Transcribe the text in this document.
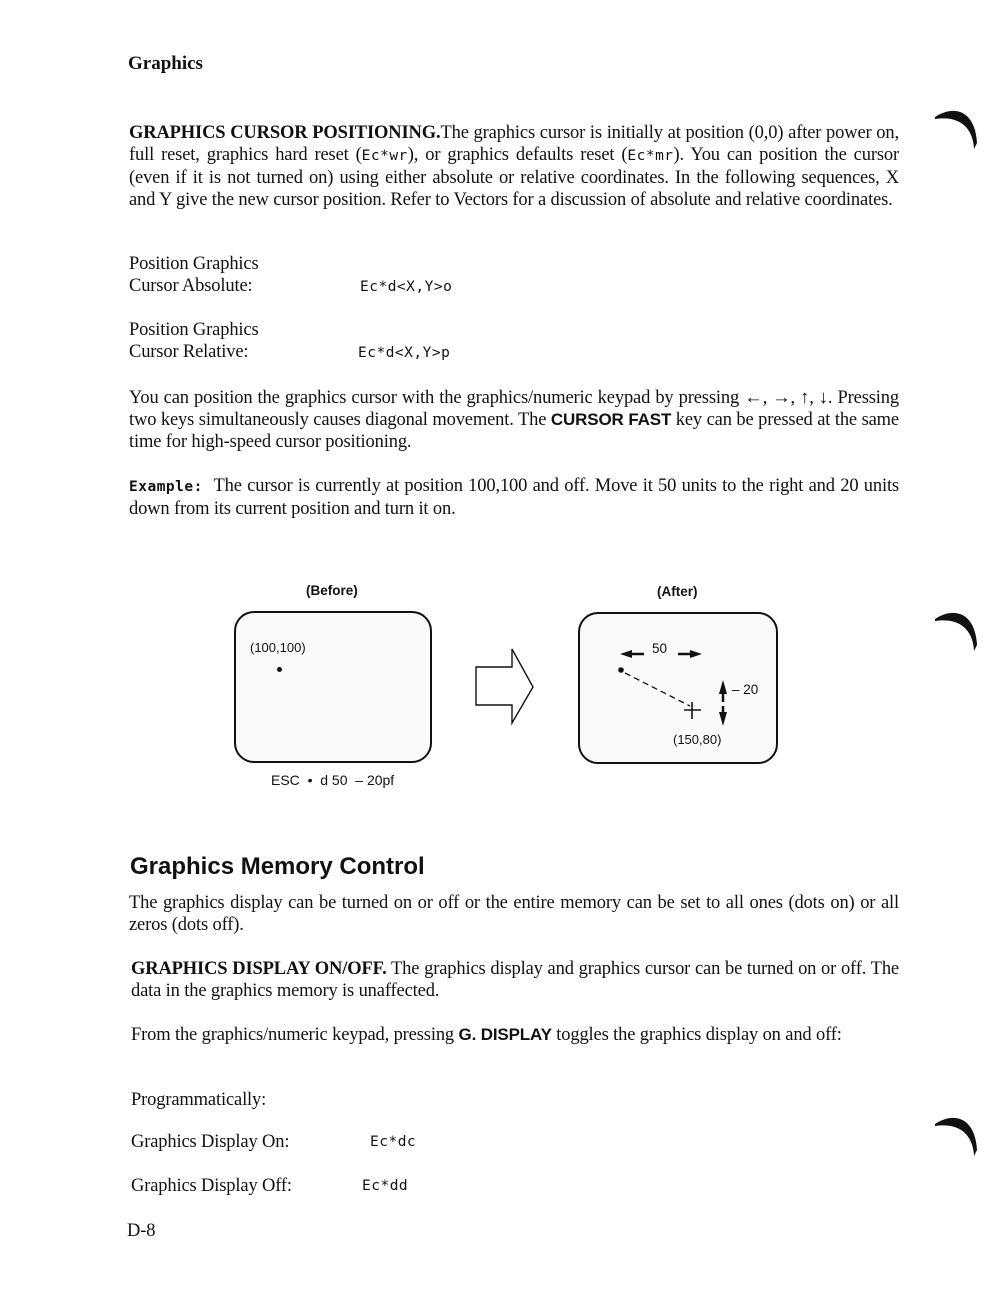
Graphics
GRAPHICS CURSOR POSITIONING.The graphics cursor is initially at position (0,0) after power on, full reset, graphics hard reset (Ec*wr), or graphics defaults reset (Ec*mr). You can position the cursor (even if it is not turned on) using either absolute or relative coordinates. In the following sequences, X and Y give the new cursor position. Refer to Vectors for a discussion of absolute and relative coordinates.
Position Graphics
Cursor Absolute:	Ec*d<X,Y>o
Position Graphics
Cursor Relative:	Ec*d<X,Y>p
You can position the graphics cursor with the graphics/numeric keypad by pressing ←, →, ↑, ↓. Pressing two keys simultaneously causes diagonal movement. The CURSOR FAST key can be pressed at the same time for high-speed cursor positioning.
Example: The cursor is currently at position 100,100 and off. Move it 50 units to the right and 20 units down from its current position and turn it on.
(Before)	(After)
(100,100)
ESC  •  d 50  – 20pf
50
– 20
(150,80)
Graphics Memory Control
The graphics display can be turned on or off or the entire memory can be set to all ones (dots on) or all zeros (dots off).
GRAPHICS DISPLAY ON/OFF. The graphics display and graphics cursor can be turned on or off. The data in the graphics memory is unaffected.
From the graphics/numeric keypad, pressing G. DISPLAY toggles the graphics display on and off:
Programmatically:
Graphics Display On:	Ec*dc
Graphics Display Off:	Ec*dd
D-8
